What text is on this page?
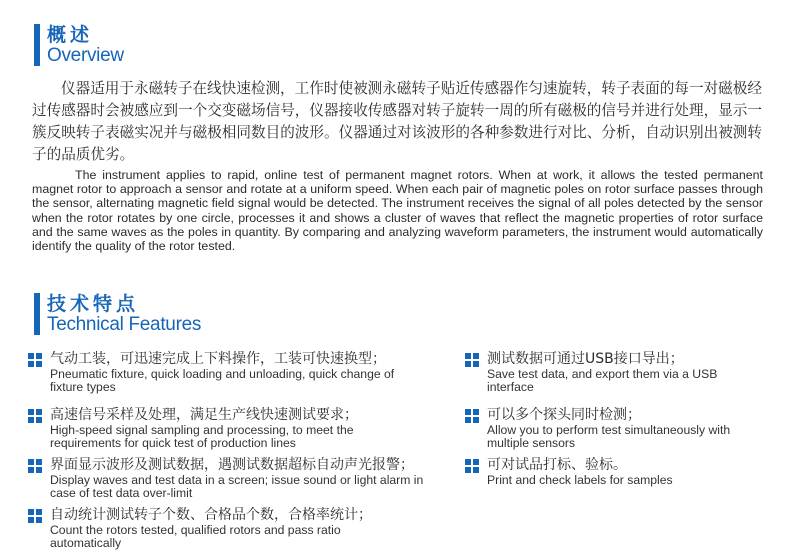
概述
Overview
仪器适用于永磁转子在线快速检测，工作时使被测永磁转子贴近传感器作匀速旋转，转子表面的每一对磁极经过传感器时会被感应到一个交变磁场信号，仪器接收传感器对转子旋转一周的所有磁极的信号并进行处理，显示一簇反映转子表磁实况并与磁极相同数目的波形。仪器通过对该波形的各种参数进行对比、分析，自动识别出被测转子的品质优劣。
The instrument applies to rapid, online test of permanent magnet rotors. When at work, it allows the tested permanent magnet rotor to approach a sensor and rotate at a uniform speed. When each pair of magnetic poles on rotor surface passes through the sensor, alternating magnetic field signal would be detected. The instrument receives the signal of all poles detected by the sensor when the rotor rotates by one circle, processes it and shows a cluster of waves that reflect the magnetic properties of rotor surface and the same waves as the poles in quantity. By comparing and analyzing waveform parameters, the instrument would automatically identify the quality of the rotor tested.
技术特点
Technical Features
气动工装，可迅速完成上下料操作，工装可快速换型；
Pneumatic fixture, quick loading and unloading, quick change of fixture types
高速信号采样及处理，满足生产线快速测试要求；
High-speed signal sampling and processing, to meet the requirements for quick test of production lines
界面显示波形及测试数据，遇测试数据超标自动声光报警；
Display waves and test data in a screen; issue sound or light alarm in case of test data over-limit
自动统计测试转子个数、合格品个数，合格率统计；
Count the rotors tested, qualified rotors and pass ratio automatically
测试数据可通过USB接口导出；
Save test data, and export them via a USB interface
可以多个探头同时检测；
Allow you to perform test simultaneously with multiple sensors
可对试品打标、验标。
Print and check labels for samples
